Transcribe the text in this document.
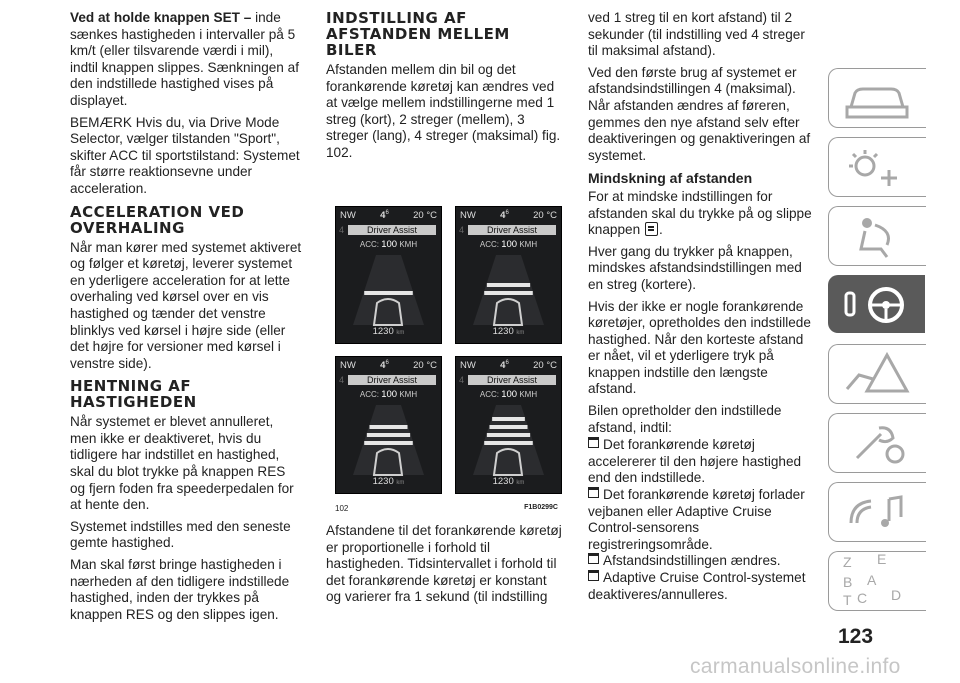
Ved at holde knappen SET – inde sænkes hastigheden i intervaller på 5 km/t (eller tilsvarende værdi i mil), indtil knappen slippes. Sænkningen af den indstillede hastighed vises på displayet.

BEMÆRK Hvis du, via Drive Mode Selector, vælger tilstanden "Sport", skifter ACC til sportstilstand: Systemet får større reaktionsevne under acceleration.

ACCELERATION VED OVERHALING

Når man kører med systemet aktiveret og følger et køretøj, leverer systemet en yderligere acceleration for at lette overhaling ved kørsel over en vis hastighed og tænder det venstre blinklys ved kørsel i højre side (eller det højre for versioner med kørsel i venstre side).

HENTNING AF HASTIGHEDEN

Når systemet er blevet annulleret, men ikke er deaktiveret, hvis du tidligere har indstillet en hastighed, skal du blot trykke på knappen RES og fjern foden fra speederpedalen for at hente den.

Systemet indstilles med den seneste gemte hastighed.

Man skal først bringe hastigheden i nærheden af den tidligere indstillede hastighed, inden der trykkes på knappen RES og den slippes igen.

INDSTILLING AF AFSTANDEN MELLEM BILER

Afstanden mellem din bil og det forankørende køretøj kan ændres ved at vælge mellem indstillingerne med 1 streg (kort), 2 streger (mellem), 3 streger (lang), 4 streger (maksimal) fig. 102.

NW	$4^6$	20 °C
4	Driver Assist
ACC: 100 KMH
1230 km
NW	$4^6$	20 °C
4	Driver Assist
ACC: 100 KMH
1230 km
NW	$4^6$	20 °C
4	Driver Assist
ACC: 100 KMH
1230 km
NW	$4^6$	20 °C
4	Driver Assist
ACC: 100 KMH
1230 km
102	F1B0299C

Afstandene til det forankørende køretøj er proportionelle i forhold til hastigheden. Tidsintervallet i forhold til det forankørende køretøj er konstant og varierer fra 1 sekund (til indstilling

ved 1 streg til en kort afstand) til 2 sekunder (til indstilling ved 4 streger til maksimal afstand).

Ved den første brug af systemet er afstandsindstillingen 4 (maksimal). Når afstanden ændres af føreren, gemmes den nye afstand selv efter deaktiveringen og genaktiveringen af systemet.

Mindskning af afstanden

For at mindske indstillingen for afstanden skal du trykke på og slippe knappen .

Hver gang du trykker på knappen, mindskes afstandsindstillingen med en streg (kortere).

Hvis der ikke er nogle forankørende køretøjer, opretholdes den indstillede hastighed. Når den korteste afstand er nået, vil et yderligere tryk på knappen indstille den længste afstand.

Bilen opretholder den indstillede afstand, indtil:

Det forankørende køretøj accelererer til den højere hastighed end den indstillede.
Det forankørende køretøj forlader vejbanen eller Adaptive Cruise Control-sensorens registreringsområde.
Afstandsindstillingen ændres.
Adaptive Cruise Control-systemet deaktiveres/annulleres.
Z E
B A
C
T	D
123
carmanualsonline.info
